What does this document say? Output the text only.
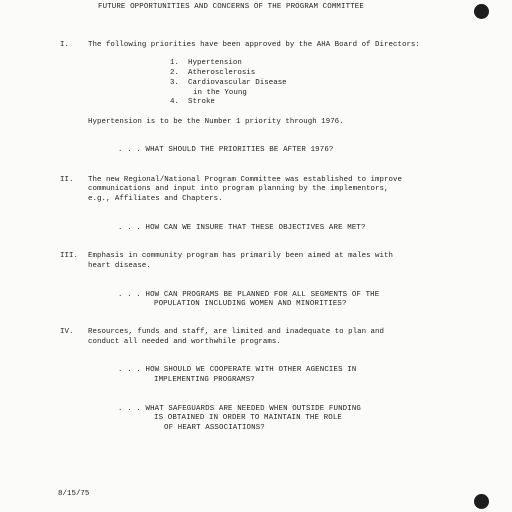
FUTURE OPPORTUNITIES AND CONCERNS OF THE PROGRAM COMMITTEE
I.	The following priorities have been approved by the AHA Board of Directors:
1. Hypertension
2. Atherosclerosis
3. Cardiovascular Disease
in the Young
4. Stroke
Hypertension is to be the Number 1 priority through 1976.
. . . WHAT SHOULD THE PRIORITIES BE AFTER 1976?
II. The new Regional/National Program Committee was established to improve
communications and input into program planning by the implementors,
e.g., Affiliates and Chapters.
. . . HOW CAN WE INSURE THAT THESE OBJECTIVES ARE MET?
III. Emphasis in community program has primarily been aimed at males with
heart disease.
. . . HOW CAN PROGRAMS BE PLANNED FOR ALL SEGMENTS OF THE
POPULATION INCLUDING WOMEN AND MINORITIES?
IV. Resources, funds and staff, are limited and inadequate to plan and
conduct all needed and worthwhile programs.
. . . HOW SHOULD WE COOPERATE WITH OTHER AGENCIES IN
IMPLEMENTING PROGRAMS?
. . . WHAT SAFEGUARDS ARE NEEDED WHEN OUTSIDE FUNDING
IS OBTAINED IN ORDER TO MAINTAIN THE ROLE
OF HEART ASSOCIATIONS?
8/15/75
